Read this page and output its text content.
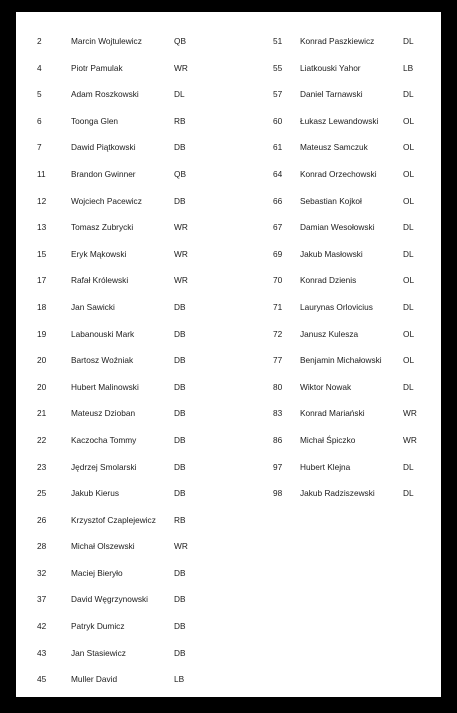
2	Marcin Wojtulewicz	QB
4	Piotr Pamulak	WR
5	Adam Roszkowski	DL
6	Toonga Glen	RB
7	Dawid Piątkowski	DB
11	Brandon Gwinner	QB
12	Wojciech Pacewicz	DB
13	Tomasz Zubrycki	WR
15	Eryk Mąkowski	WR
17	Rafał Królewski	WR
18	Jan Sawicki	DB
19	Labanouski Mark	DB
20	Bartosz Woźniak	DB
20	Hubert Malinowski	DB
21	Mateusz Dzioban	DB
22	Kaczocha Tommy	DB
23	Jędrzej Smolarski	DB
25	Jakub Kierus	DB
26	Krzysztof Czaplejewicz RB
28	Michał Olszewski	WR
32	Maciej Bieryło	DB
37	David Węgrzynowski	DB
42	Patryk Dumicz	DB
43	Jan Stasiewicz	DB
45	Muller David	LB
51 Konrad Paszkiewicz	DL
55 Liatkouski Yahor	LB
57 Daniel Tarnawski	DL
60 Łukasz Lewandowski	OL
61 Mateusz Samczuk	OL
64 Konrad Orzechowski	OL
66 Sebastian Kojkoł	OL
67 Damian Wesołowski	DL
69 Jakub Masłowski	DL
70 Konrad Dzienis	OL
71 Laurynas Orlovicius	DL
72 Janusz Kulesza	OL
77 Benjamin Michałowski	OL
80 Wiktor Nowak	DL
83 Konrad Mariański	WR
86 Michał Śpiczko	WR
97 Hubert Klejna	DL
98 Jakub Radziszewski	DL
